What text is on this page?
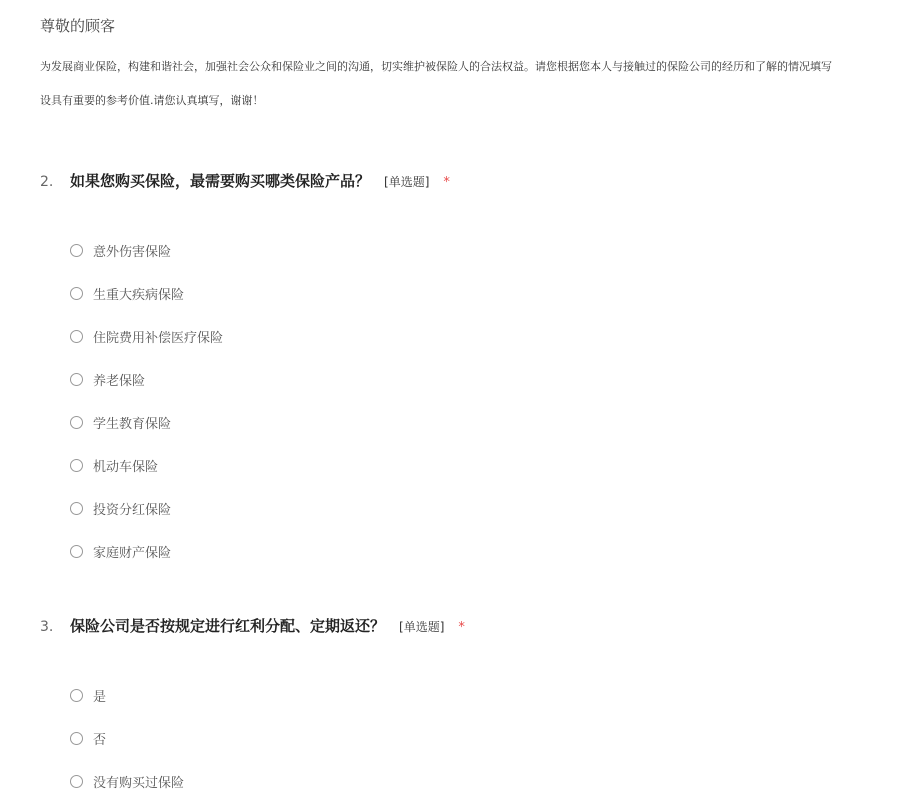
尊敬的顾客
为发展商业保险，构建和谐社会，加强社会公众和保险业之间的沟通，切实维护被保险人的合法权益。请您根据您本人与接触过的保险公司的经历和了解的情况填写
设具有重要的参考价值.请您认真填写，谢谢！
2.	如果您购买保险，最需要购买哪类保险产品？ [单选题] *
意外伤害保险
生重大疾病保险
住院费用补偿医疗保险
养老保险
学生教育保险
机动车保险
投资分红保险
家庭财产保险
3.	保险公司是否按规定进行红利分配、定期返还？ [单选题] *
是
否
没有购买过保险
